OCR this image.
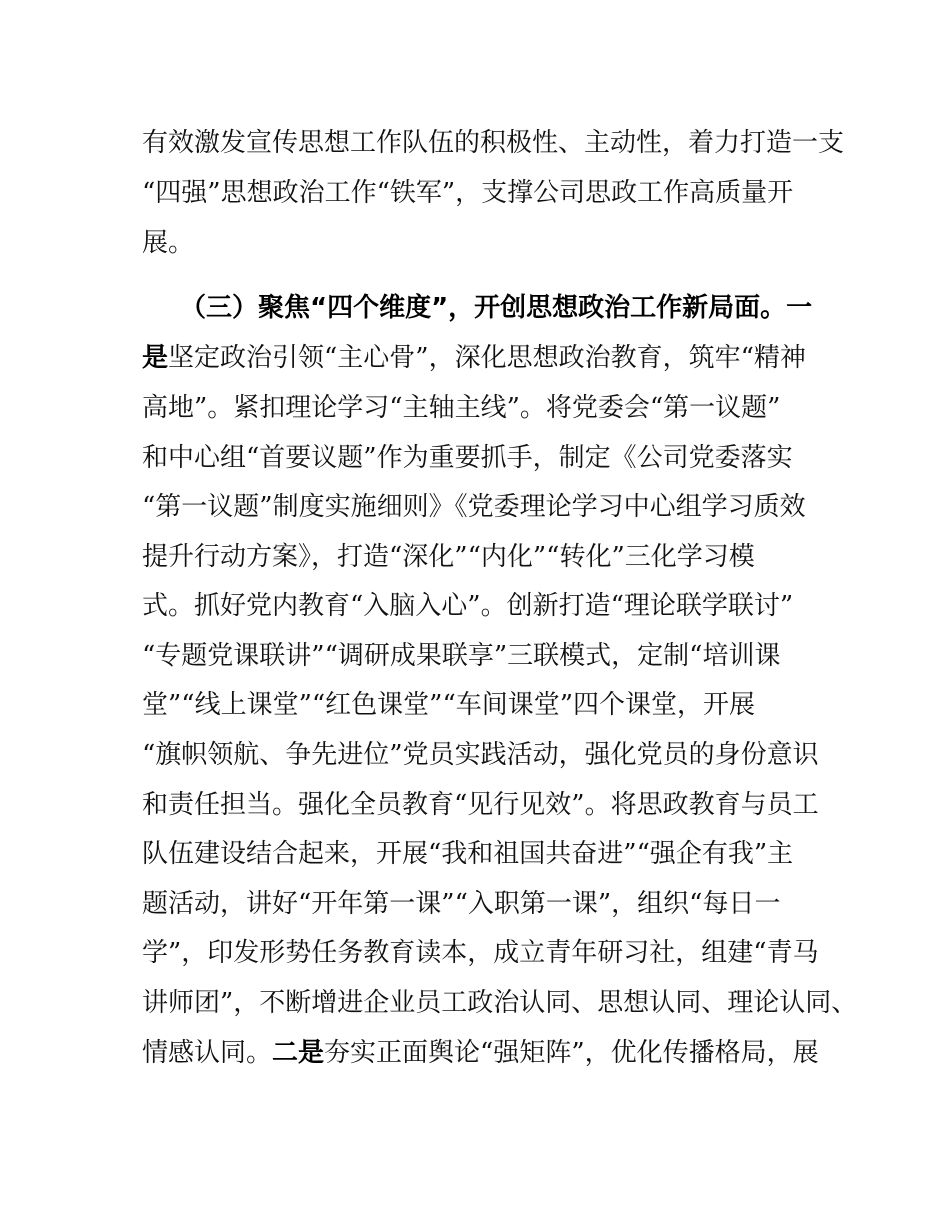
有效激发宣传思想工作队伍的积极性、主动性，着力打造一支

“四强”思想政治工作“铁军”，支撑公司思政工作高质量开

展。

（三）聚焦“四个维度”，开创思想政治工作新局面。一

是坚定政治引领“主心骨”，深化思想政治教育，筑牢“精神

高地”。紧扣理论学习“主轴主线”。将党委会“第一议题”

和中心组“首要议题”作为重要抓手，制定《公司党委落实

“第一议题”制度实施细则》《党委理论学习中心组学习质效

提升行动方案》，打造“深化”“内化”“转化”三化学习模

式。抓好党内教育“入脑入心”。创新打造“理论联学联讨”

“专题党课联讲”“调研成果联享”三联模式，定制“培训课

堂”“线上课堂”“红色课堂”“车间课堂”四个课堂，开展

“旗帜领航、争先进位”党员实践活动，强化党员的身份意识

和责任担当。强化全员教育“见行见效”。将思政教育与员工

队伍建设结合起来，开展“我和祖国共奋进”“强企有我”主

题活动，讲好“开年第一课”“入职第一课”，组织“每日一

学”，印发形势任务教育读本，成立青年研习社，组建“青马

讲师团”，不断增进企业员工政治认同、思想认同、理论认同、

情感认同。二是夯实正面舆论“强矩阵”，优化传播格局，展
